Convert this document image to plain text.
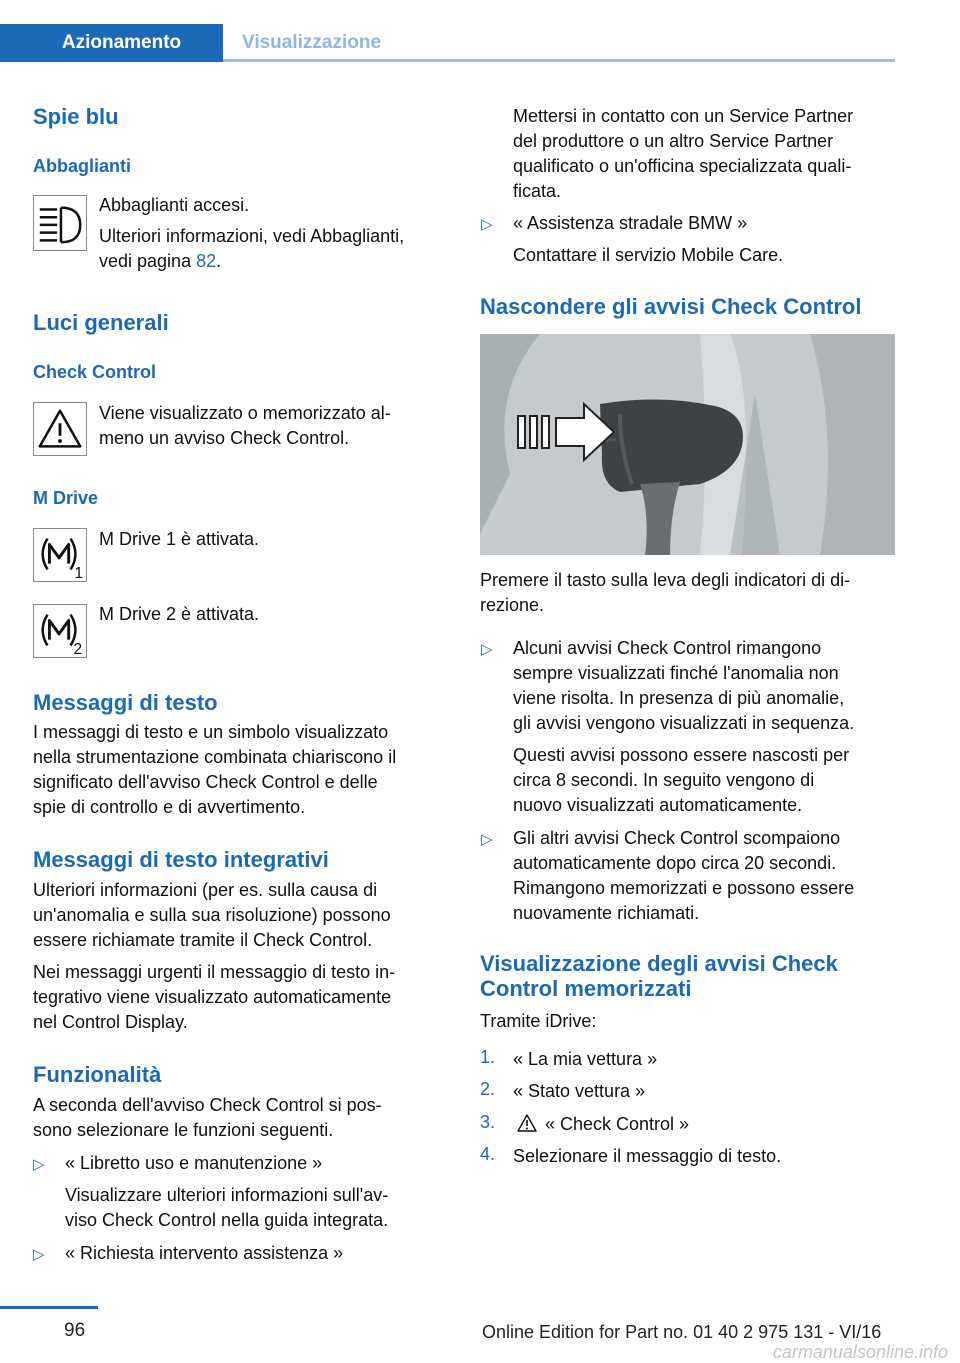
Azionamento	Visualizzazione
Spie blu
Abbaglianti
Abbaglianti accesi.
Ulteriori informazioni, vedi Abbaglianti,
vedi pagina 82.
Luci generali
Check Control
Viene visualizzato o memorizzato al‐
meno un avviso Check Control.
M Drive
1
M Drive 1 è attivata.
2
M Drive 2 è attivata.
Messaggi di testo
I messaggi di testo e un simbolo visualizzato
nella strumentazione combinata chiariscono il
significato dell'avviso Check Control e delle
spie di controllo e di avvertimento.
Messaggi di testo integrativi
Ulteriori informazioni (per es. sulla causa di
un'anomalia e sulla sua risoluzione) possono
essere richiamate tramite il Check Control.
Nei messaggi urgenti il messaggio di testo in‐
tegrativo viene visualizzato automaticamente
nel Control Display.
Funzionalità
A seconda dell'avviso Check Control si pos‐
sono selezionare le funzioni seguenti.
▷ « Libretto uso e manutenzione »
Visualizzare ulteriori informazioni sull'av‐
viso Check Control nella guida integrata.
▷ « Richiesta intervento assistenza »
Mettersi in contatto con un Service Partner
del produttore o un altro Service Partner
qualificato o un'officina specializzata quali‐
ficata.
▷ « Assistenza stradale BMW »
Contattare il servizio Mobile Care.
Nascondere gli avvisi Check Control
Premere il tasto sulla leva degli indicatori di di‐
rezione.
▷ Alcuni avvisi Check Control rimangono
sempre visualizzati finché l'anomalia non
viene risolta. In presenza di più anomalie,
gli avvisi vengono visualizzati in sequenza.
Questi avvisi possono essere nascosti per
circa 8 secondi. In seguito vengono di
nuovo visualizzati automaticamente.
▷ Gli altri avvisi Check Control scompaiono
automaticamente dopo circa 20 secondi.
Rimangono memorizzati e possono essere
nuovamente richiamati.
Visualizzazione degli avvisi Check
Control memorizzati
Tramite iDrive:
1. « La mia vettura »
2. « Stato vettura »
3.	« Check Control »
4. Selezionare il messaggio di testo.
96	Online Edition for Part no. 01 40 2 975 131 - VI/16
carmanualsonline.info
